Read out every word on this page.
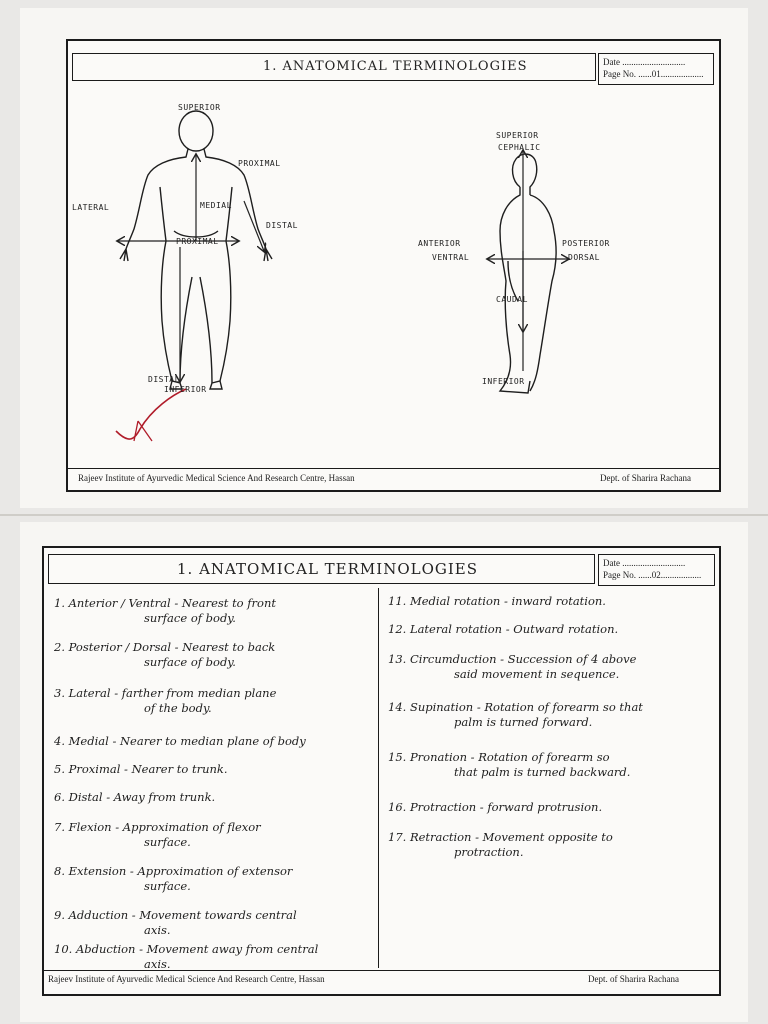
1. ANATOMICAL TERMINOLOGIES	Date ............................
Page No. ......01...................
SUPERIOR
PROXIMAL
LATERAL	MEDIAL
DISTAL
PROXIMAL
DISTAL
INFERIOR
SUPERIOR
CEPHALIC
ANTERIOR
VENTRAL
POSTERIOR
DORSAL
CAUDAL
INFERIOR
Rajeev Institute of Ayurvedic Medical Science And Research Centre, Hassan	Dept. of Sharira Rachana
1. ANATOMICAL TERMINOLOGIES	Date ............................
Page No. ......02..................
1. Anterior / Ventral - Nearest to front
surface of body.
2. Posterior / Dorsal - Nearest to back
surface of body.
3. Lateral - farther from median plane
of the body.
4. Medial - Nearer to median plane of body
5. Proximal - Nearer to trunk.
6. Distal - Away from trunk.
7. Flexion - Approximation of flexor
surface.
8. Extension - Approximation of extensor
surface.
9. Adduction - Movement towards central
axis.
10. Abduction - Movement away from central
axis.
11. Medial rotation - inward rotation.
12. Lateral rotation - Outward rotation.
13. Circumduction - Succession of 4 above
said movement in sequence.
14. Supination - Rotation of forearm so that
palm is turned forward.
15. Pronation - Rotation of forearm so
that palm is turned backward.
16. Protraction - forward protrusion.
17. Retraction - Movement opposite to
protraction.
Rajeev Institute of Ayurvedic Medical Science And Research Centre, Hassan	Dept. of Sharira Rachana
